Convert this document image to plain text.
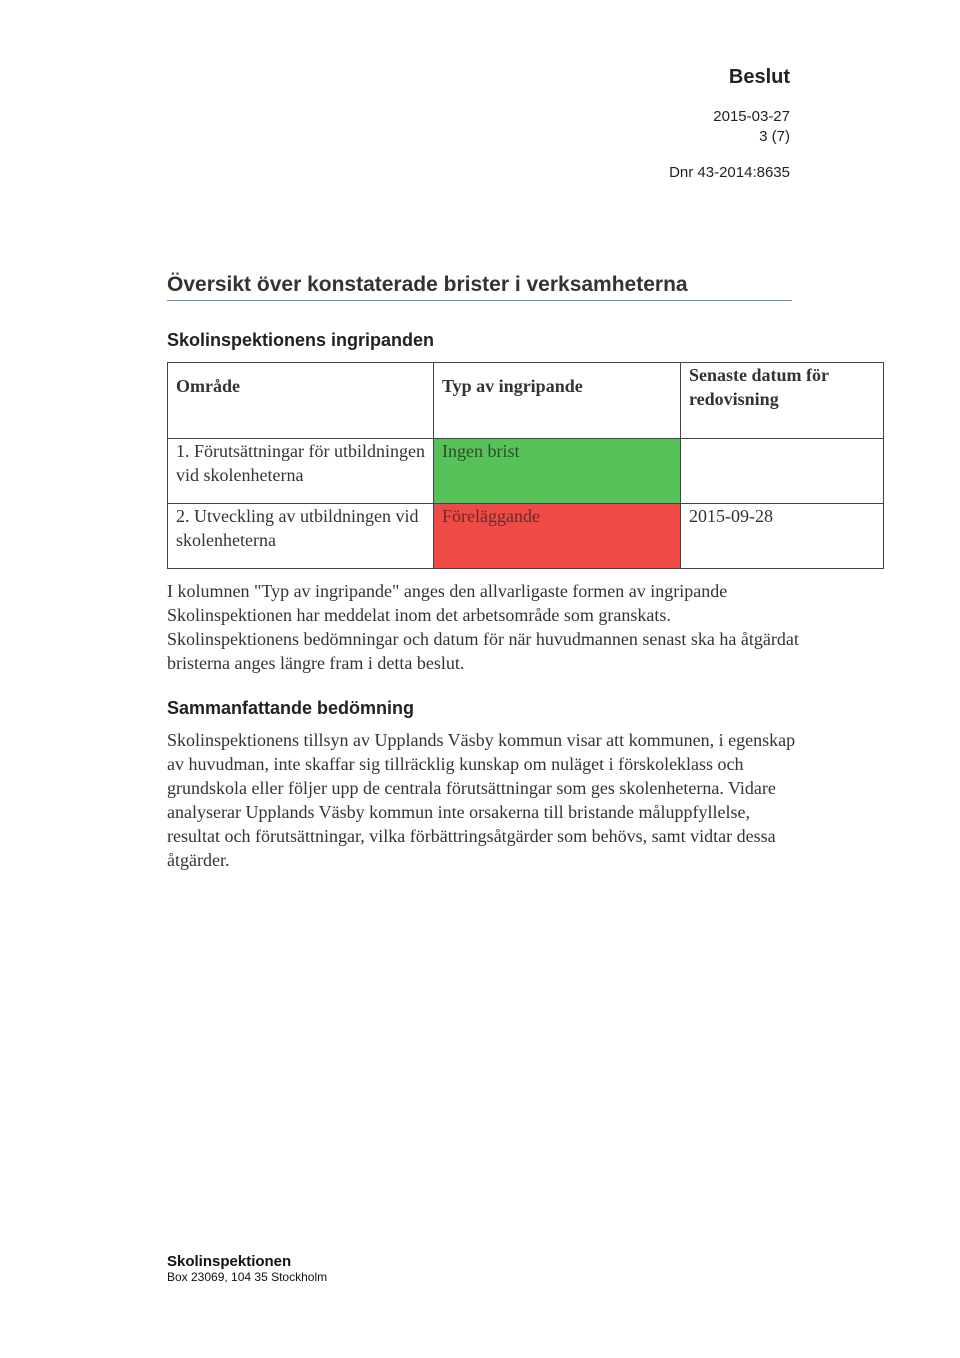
Beslut
2015-03-27
3 (7)
Dnr 43-2014:8635
Översikt över konstaterade brister i verksamheterna
Skolinspektionens ingripanden
Område	Typ av ingripande	Senaste datum för redovisning
1. Förutsättningar för utbildningen vid skolenheterna	Ingen brist	
2. Utveckling av utbildningen vid skolenheterna	Föreläggande	2015-09-28

I kolumnen "Typ av ingripande" anges den allvarligaste formen av ingripande Skolinspektionen har meddelat inom det arbetsområde som granskats. Skolinspektionens bedömningar och datum för när huvudmannen senast ska ha åtgärdat bristerna anges längre fram i detta beslut.

Sammanfattande bedömning

Skolinspektionens tillsyn av Upplands Väsby kommun visar att kommunen, i egenskap av huvudman, inte skaffar sig tillräcklig kunskap om nuläget i förskoleklass och grundskola eller följer upp de centrala förutsättningar som ges skolenheterna. Vidare analyserar Upplands Väsby kommun inte orsakerna till bristande måluppfyllelse, resultat och förutsättningar, vilka förbättringsåtgärder som behövs, samt vidtar dessa åtgärder.

Skolinspektionen
Box 23069, 104 35 Stockholm
